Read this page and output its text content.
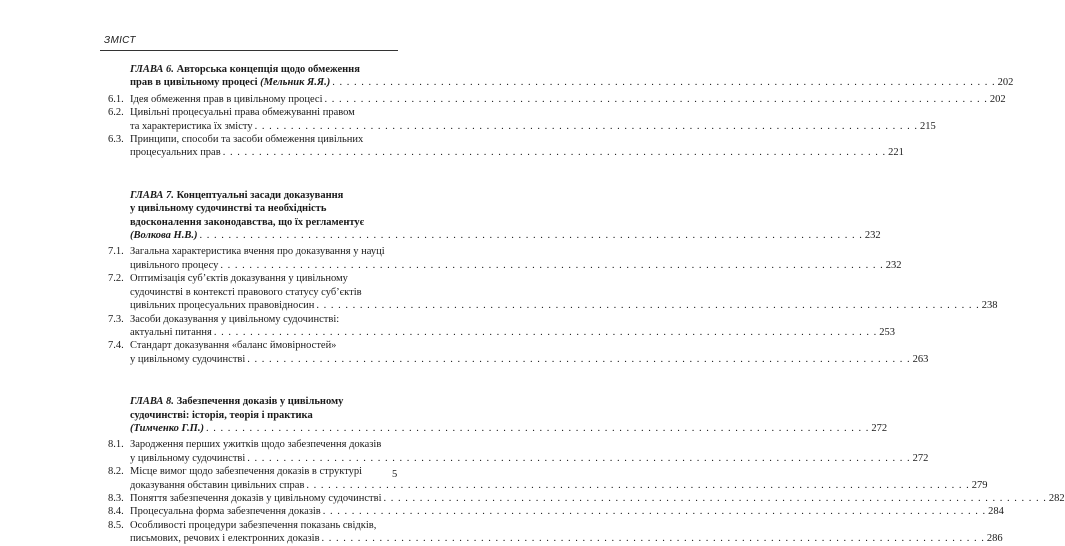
ЗМІСТ
ГЛАВА 6. Авторська концепція щодо обмеження
прав в цивільному процесі (Мельник Я.Я.) . . .	202
6.1. Ідея обмеження прав в цивільному процесі . . .	202
6.2. Цивільні процесуальні права обмежуванні правом
та характеристика їх змісту . . .	215
6.3. Принципи, способи та засоби обмеження цивільних
процесуальних прав . . .	221
ГЛАВА 7. Концептуальні засади доказування
у цивільному судочинстві та необхідність
вдосконалення законодавства, що їх регламентує
(Волкова Н.В.) . . .	232
7.1. Загальна характеристика вчення про доказування у науці
цивільного процесу . . .	232
7.2. Оптимізація суб’єктів доказування у цивільному
судочинстві в контексті правового статусу суб’єктів
цивільних процесуальних правовідносин . . .	238
7.3. Засоби доказування у цивільному судочинстві:
актуальні питання . . .	253
7.4. Стандарт доказування «баланс ймовірностей»
у цивільному судочинстві . . .	263
ГЛАВА 8. Забезпечення доказів у цивільному
судочинстві: історія, теорія і практика
(Тимченко Г.П.) . . .	272
8.1. Зародження перших ужитків щодо забезпечення доказів
у цивільному судочинстві . . .	272
8.2. Місце вимог щодо забезпечення доказів в структурі
доказування обставин цивільних справ . . .	279
8.3. Поняття забезпечення доказів у цивільному судочинстві . . .	282
8.4. Процесуальна форма забезпечення доказів . . .	284
8.5. Особливості процедури забезпечення показань свідків,
письмових, речових і електронних доказів . . .	286
5
